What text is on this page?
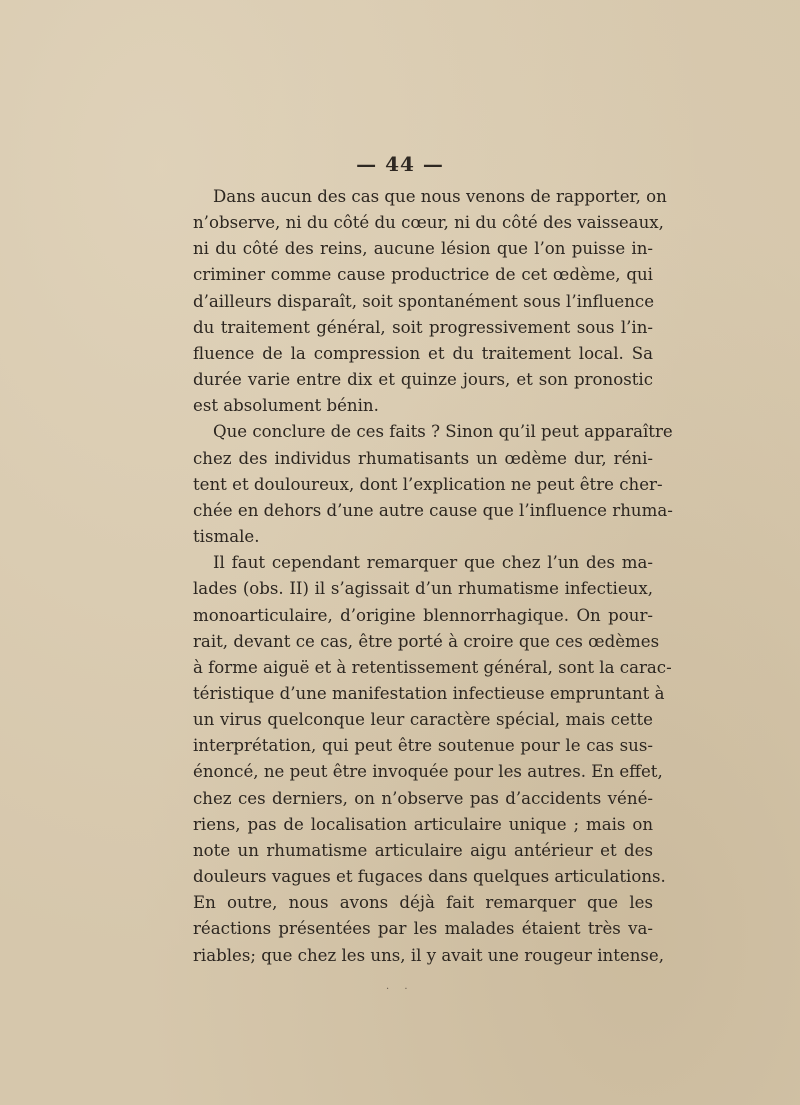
— 44 —

Dans aucun des cas que nous venons de rapporter, on
n’observe, ni du côté du cœur, ni du côté des vaisseaux,
ni du côté des reins, aucune lésion que l’on puisse in-
criminer comme cause productrice de cet œdème, qui
d’ailleurs disparaît, soit spontanément sous l’influence
du traitement général, soit progressivement sous l’in-
fluence de la compression et du traitement local. Sa
durée varie entre dix et quinze jours, et son pronostic
est absolument bénin.

Que conclure de ces faits ? Sinon qu’il peut apparaître
chez des individus rhumatisants un œdème dur, réni-
tent et douloureux, dont l’explication ne peut être cher-
chée en dehors d’une autre cause que l’influence rhuma-
tismale.

Il faut cependant remarquer que chez l’un des ma-
lades (obs. II) il s’agissait d’un rhumatisme infectieux,
monoarticulaire, d’origine blennorrhagique. On pour-
rait, devant ce cas, être porté à croire que ces œdèmes
à forme aiguë et à retentissement général, sont la carac-
téristique d’une manifestation infectieuse empruntant à
un virus quelconque leur caractère spécial, mais cette
interprétation, qui peut être soutenue pour le cas sus-
énoncé, ne peut être invoquée pour les autres. En effet,
chez ces derniers, on n’observe pas d’accidents véné-
riens, pas de localisation articulaire unique ; mais on
note un rhumatisme articulaire aigu antérieur et des
douleurs vagues et fugaces dans quelques articulations.
En outre, nous avons déjà fait remarquer que les
réactions présentées par les malades étaient très va-
riables; que chez les uns, il y avait une rougeur intense,

· ·
